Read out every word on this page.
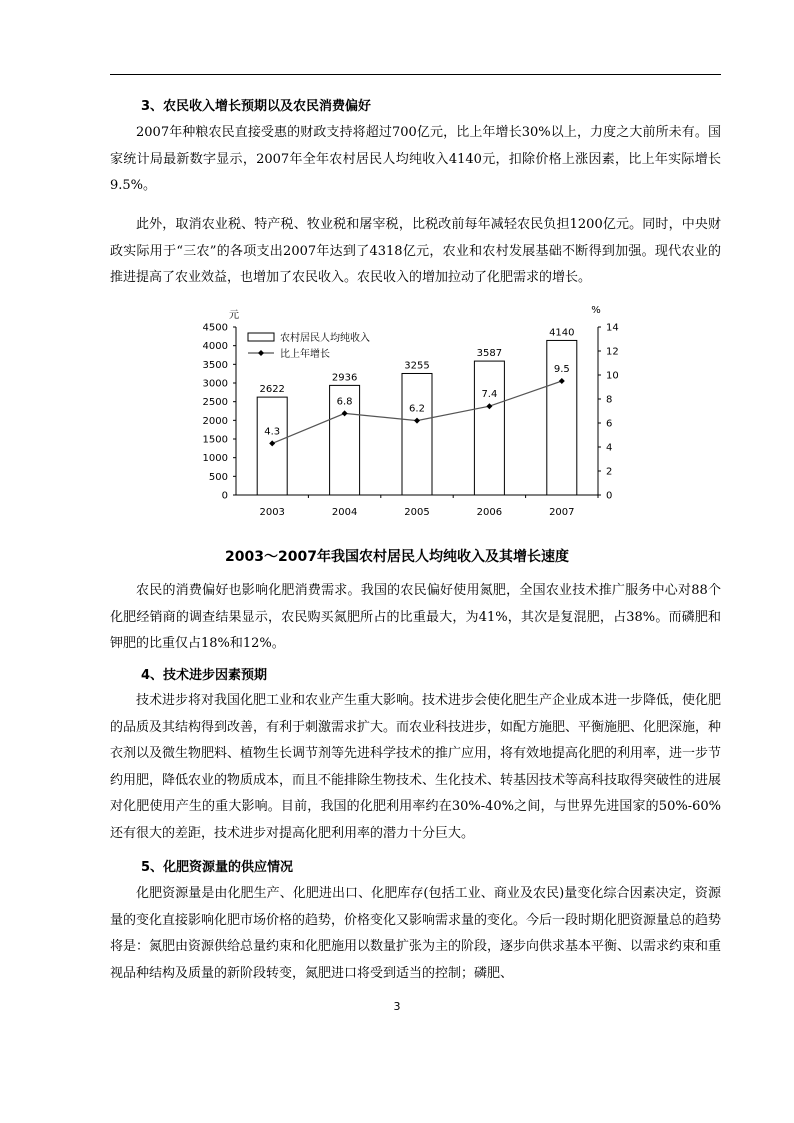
3、农民收入增长预期以及农民消费偏好
2007年种粮农民直接受惠的财政支持将超过700亿元，比上年增长30%以上，力度之大前所未有。国家统计局最新数字显示，2007年全年农村居民人均纯收入4140元，扣除价格上涨因素，比上年实际增长9.5%。
此外，取消农业税、特产税、牧业税和屠宰税，比税改前每年减轻农民负担1200亿元。同时，中央财政实际用于“三农”的各项支出2007年达到了4318亿元，农业和农村发展基础不断得到加强。现代农业的推进提高了农业效益，也增加了农民收入。农民收入的增加拉动了化肥需求的增长。
元	%
0
500
1000
1500
2000
2500
3000
3500
4000
4500
0
2
4
6
8
10
12
14
2003	2004	2005	2006	2007
2622
2936
3255
3587
4140
4.3
6.8
6.2
7.4
9.5
农村居民人均纯收入
比上年增长
2003～2007年我国农村居民人均纯收入及其增长速度
农民的消费偏好也影响化肥消费需求。我国的农民偏好使用氮肥，全国农业技术推广服务中心对88个化肥经销商的调查结果显示，农民购买氮肥所占的比重最大，为41%，其次是复混肥，占38%。而磷肥和钾肥的比重仅占18%和12%。
4、技术进步因素预期
技术进步将对我国化肥工业和农业产生重大影响。技术进步会使化肥生产企业成本进一步降低，使化肥的品质及其结构得到改善，有利于刺激需求扩大。而农业科技进步，如配方施肥、平衡施肥、化肥深施，种衣剂以及微生物肥料、植物生长调节剂等先进科学技术的推广应用，将有效地提高化肥的利用率，进一步节约用肥，降低农业的物质成本，而且不能排除生物技术、生化技术、转基因技术等高科技取得突破性的进展对化肥使用产生的重大影响。目前，我国的化肥利用率约在30%-40%之间，与世界先进国家的50%-60%还有很大的差距，技术进步对提高化肥利用率的潜力十分巨大。
5、化肥资源量的供应情况
化肥资源量是由化肥生产、化肥进出口、化肥库存(包括工业、商业及农民)量变化综合因素决定，资源量的变化直接影响化肥市场价格的趋势，价格变化又影响需求量的变化。今后一段时期化肥资源量总的趋势将是：氮肥由资源供给总量约束和化肥施用以数量扩张为主的阶段，逐步向供求基本平衡、以需求约束和重视品种结构及质量的新阶段转变，氮肥进口将受到适当的控制；磷肥、
3
